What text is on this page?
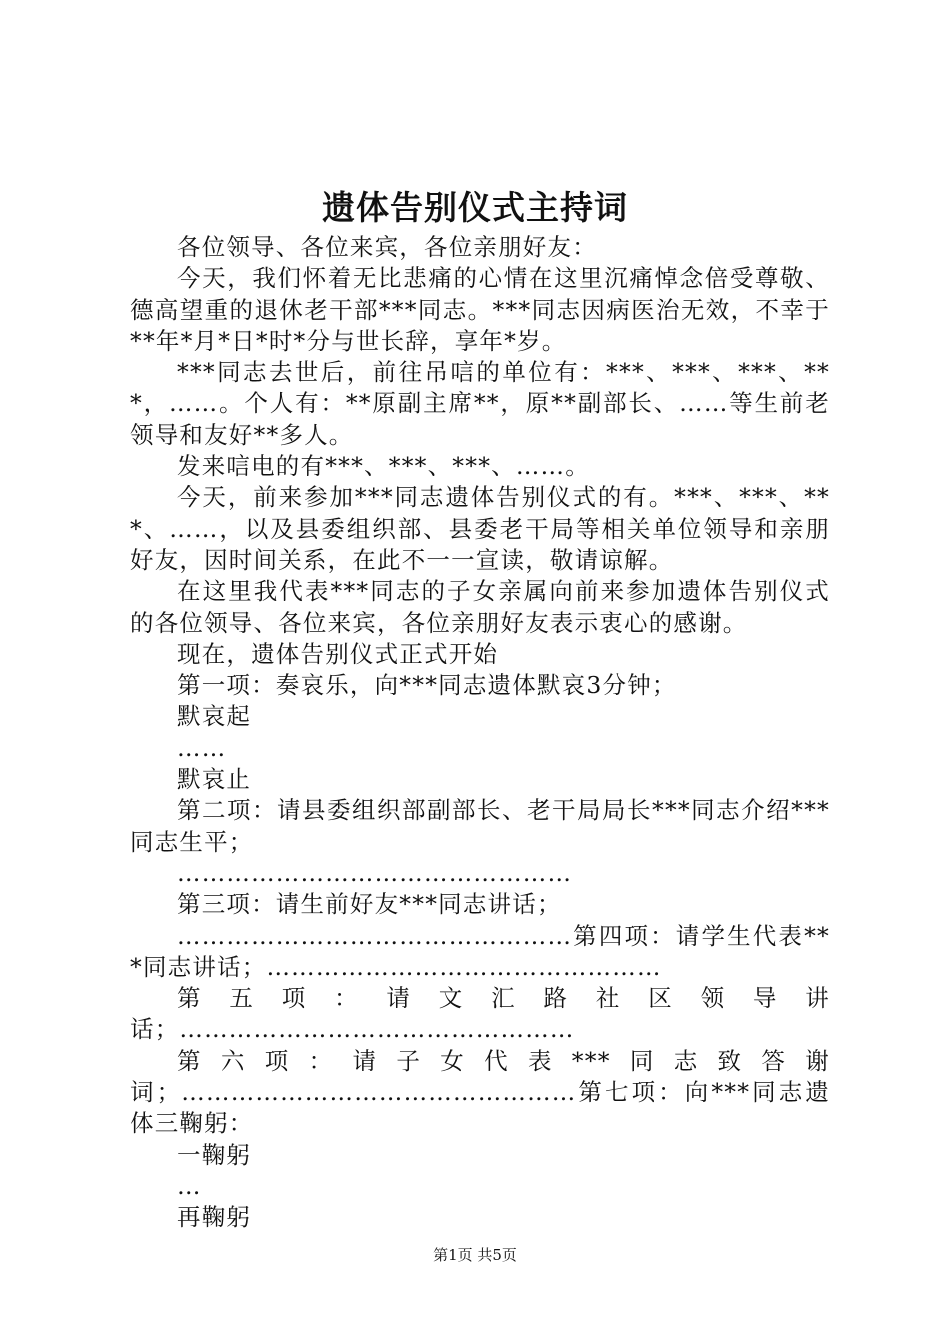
遗体告别仪式主持词

各位领导、各位来宾，各位亲朋好友：

今天，我们怀着无比悲痛的心情在这里沉痛悼念倍受尊敬、德高望重的退休老干部***同志。***同志因病医治无效，不幸于**年*月*日*时*分与世长辞，享年*岁。

***同志去世后，前往吊唁的单位有：***、***、***、***，……。个人有：**原副主席**，原**副部长、……等生前老领导和友好**多人。

发来唁电的有***、***、***、……。

今天，前来参加***同志遗体告别仪式的有。***、***、***、……，以及县委组织部、县委老干局等相关单位领导和亲朋好友，因时间关系，在此不一一宣读，敬请谅解。

在这里我代表***同志的子女亲属向前来参加遗体告别仪式的各位领导、各位来宾，各位亲朋好友表示衷心的感谢。

现在，遗体告别仪式正式开始

第一项：奏哀乐，向***同志遗体默哀3分钟；

默哀起

……

默哀止

第二项：请县委组织部副部长、老干局局长***同志介绍***同志生平；

…………………………………………

第三项：请生前好友***同志讲话；

…………………………………………第四项：请学生代表***同志讲话；…………………………………………

第五项：请文汇路社区领导讲话；…………………………………………

第六项：请子女代表***同志致答谢词；…………………………………………第七项：向***同志遗体三鞠躬：

一鞠躬

…

再鞠躬

第1页 共5页
